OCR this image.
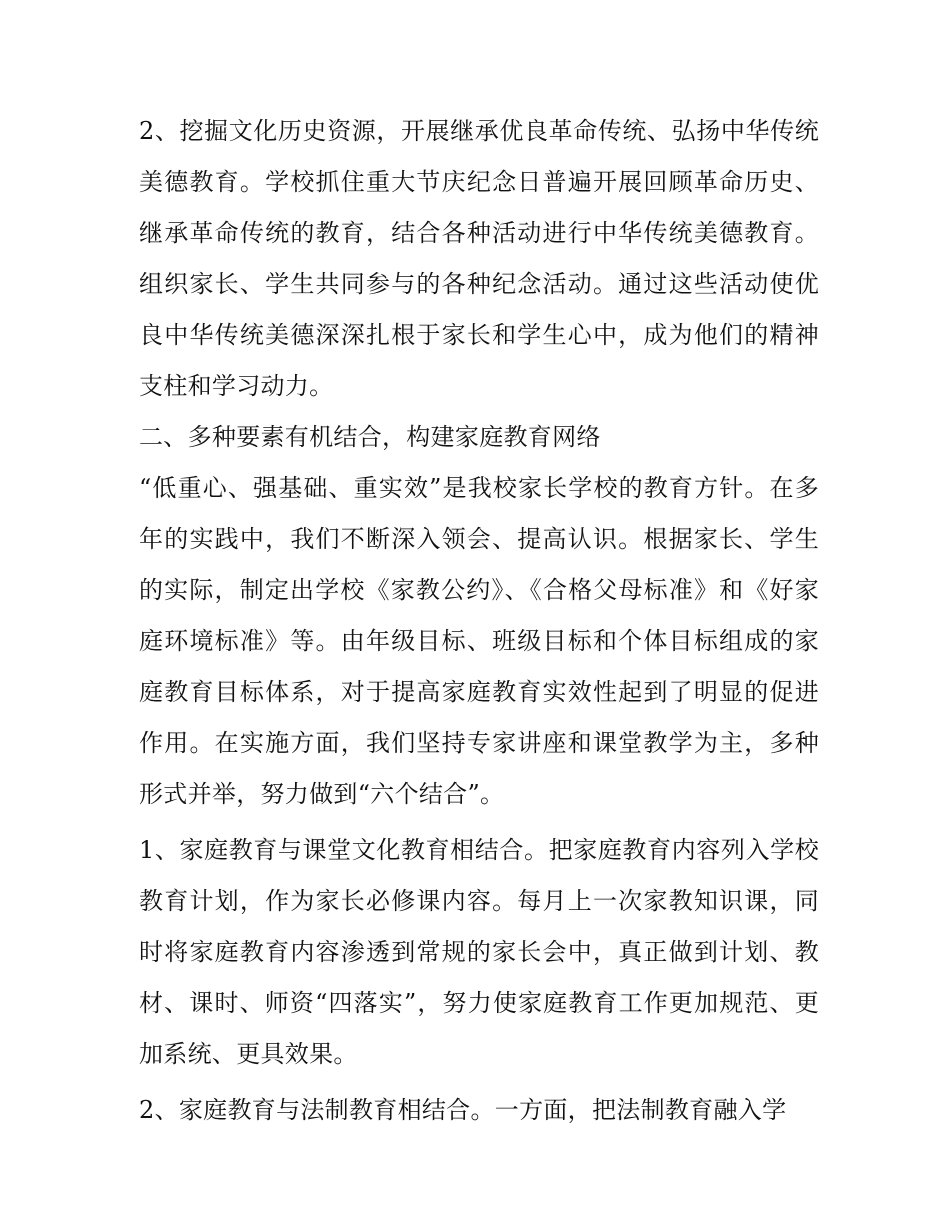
2、挖掘文化历史资源，开展继承优良革命传统、弘扬中华传统美德教育。学校抓住重大节庆纪念日普遍开展回顾革命历史、继承革命传统的教育，结合各种活动进行中华传统美德教育。组织家长、学生共同参与的各种纪念活动。通过这些活动使优良中华传统美德深深扎根于家长和学生心中，成为他们的精神支柱和学习动力。

二、多种要素有机结合，构建家庭教育网络

“低重心、强基础、重实效”是我校家长学校的教育方针。在多年的实践中，我们不断深入领会、提高认识。根据家长、学生的实际，制定出学校《家教公约》、《合格父母标准》和《好家庭环境标准》等。由年级目标、班级目标和个体目标组成的家庭教育目标体系，对于提高家庭教育实效性起到了明显的促进作用。在实施方面，我们坚持专家讲座和课堂教学为主，多种形式并举，努力做到“六个结合”。

1、家庭教育与课堂文化教育相结合。把家庭教育内容列入学校教育计划，作为家长必修课内容。每月上一次家教知识课，同时将家庭教育内容渗透到常规的家长会中，真正做到计划、教材、课时、师资“四落实”，努力使家庭教育工作更加规范、更加系统、更具效果。

2、家庭教育与法制教育相结合。一方面，把法制教育融入学
